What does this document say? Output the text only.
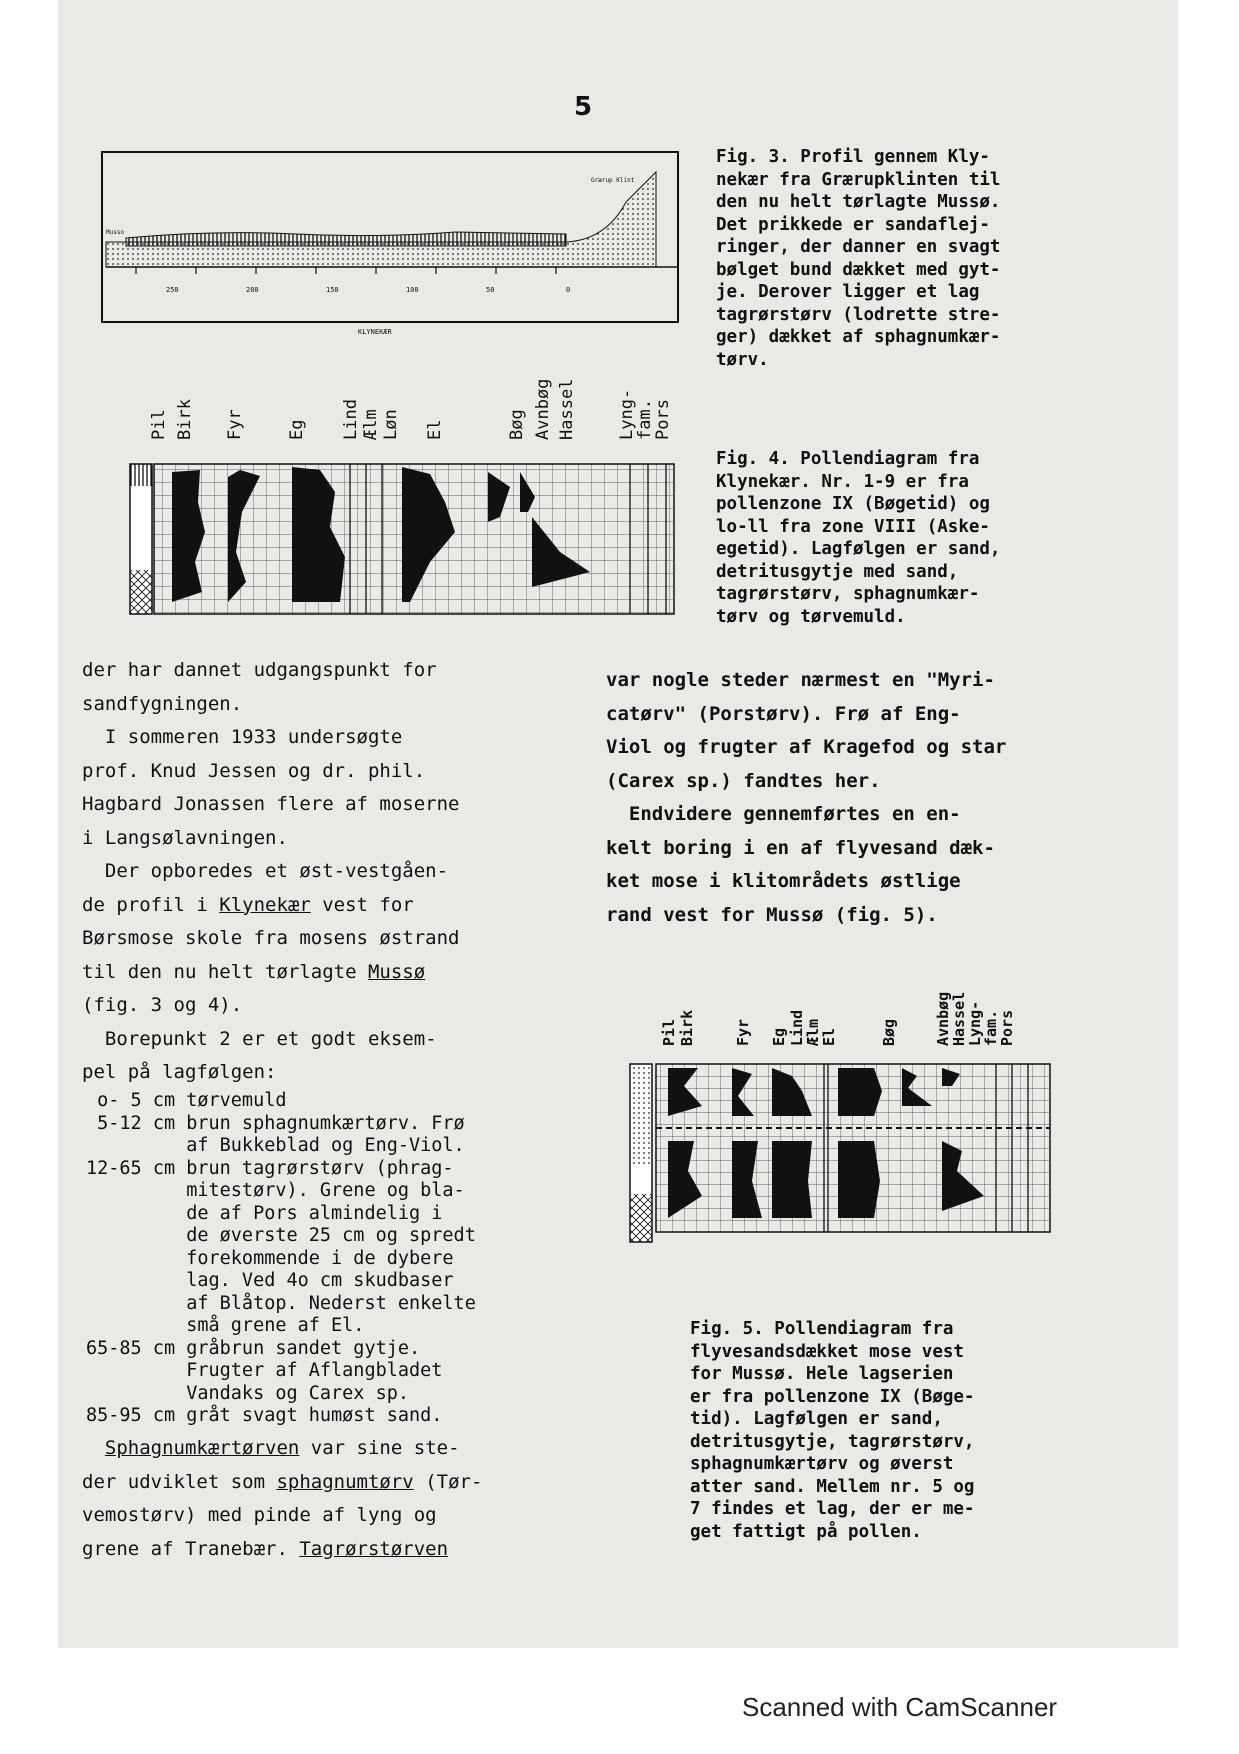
5
Musso
Grærup Klint
250	200	150	100	50	0
KLYNEKÆR
Fig. 3. Profil gennem Kly-
nekær fra Grærupklinten til
den nu helt tørlagte Mussø.
Det prikkede er sandaflej-
ringer, der danner en svagt
bølget bund dækket med gyt-
je. Derover ligger et lag
tagrørstørv (lodrette stre-
ger) dækket af sphagnumkær-
tørv.
Pil Birk Fyr Eg Lind Ælm Løn El	Bøg Avnbøg Hassel Lyng-
fam.
Pors
Fig. 4. Pollendiagram fra
Klynekær. Nr. 1-9 er fra
pollenzone IX (Bøgetid) og
lo-ll fra zone VIII (Aske-
egetid). Lagfølgen er sand,
detritusgytje med sand,
tagrørstørv, sphagnumkær-
tørv og tørvemuld.
der har dannet udgangspunkt for
sandfygningen.
I sommeren 1933 undersøgte
prof. Knud Jessen og dr. phil.
Hagbard Jonassen flere af moserne
i Langsølavningen.
Der opboredes et øst-vestgåen-
de profil i Klynekær vest for
Børsmose skole fra mosens østrand
til den nu helt tørlagte Mussø
(fig. 3 og 4).
Borepunkt 2 er et godt eksem-
pel på lagfølgen:
o- 5 cm tørvemuld
5-12 cm brun sphagnumkærtørv. Frø
af Bukkeblad og Eng-Viol.
12-65 cm brun tagrørstørv (phrag-
mitestørv). Grene og bla-
de af Pors almindelig i
de øverste 25 cm og spredt
forekommende i de dybere
lag. Ved 4o cm skudbaser
af Blåtop. Nederst enkelte
små grene af El.
65-85 cm gråbrun sandet gytje.
Frugter af Aflangbladet
Vandaks og Carex sp.
85-95 cm gråt svagt humøst sand.
Sphagnumkærtørven var sine ste-
der udviklet som sphagnumtørv (Tør-
vemostørv) med pinde af lyng og
grene af Tranebær. Tagrørstørven
var nogle steder nærmest en "Myri-
catørv" (Porstørv). Frø af Eng-
Viol og frugter af Kragefod og star
(Carex sp.) fandtes her.
Endvidere gennemførtes en en-
kelt boring i en af flyvesand dæk-
ket mose i klitområdets østlige
rand vest for Mussø (fig. 5).
Pil Birk	Fyr Eg Lind
Ælm
El	Bøg Avnbøg
Hassel
Lyng-
fam.
Pors
Fig. 5. Pollendiagram fra
flyvesandsdækket mose vest
for Mussø. Hele lagserien
er fra pollenzone IX (Bøge-
tid). Lagfølgen er sand,
detritusgytje, tagrørstørv,
sphagnumkærtørv og øverst
atter sand. Mellem nr. 5 og
7 findes et lag, der er me-
get fattigt på pollen.
Scanned with CamScanner
